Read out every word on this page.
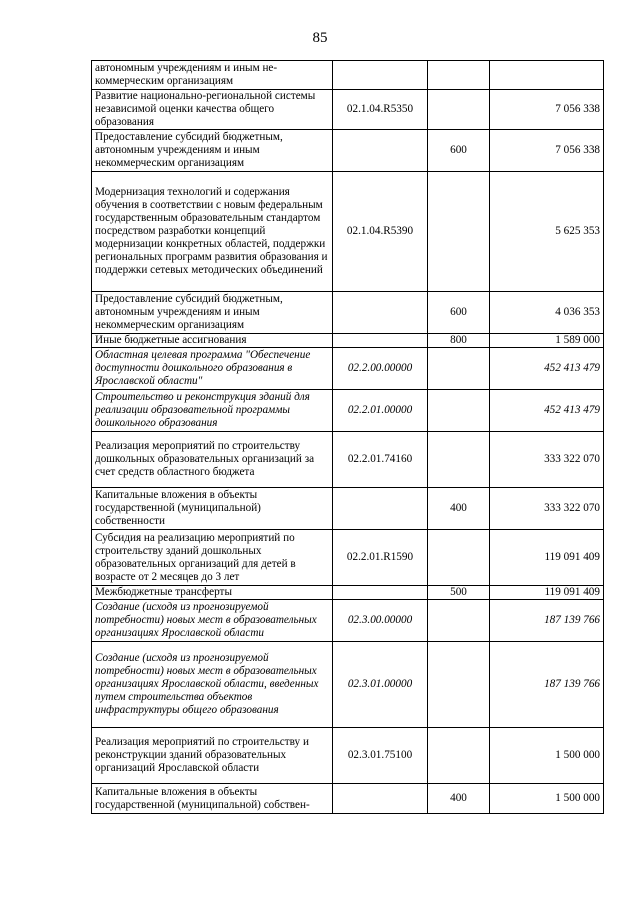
85
автономным учреждениям и иным не-коммерческим организациям			
Развитие национально-региональной системы независимой оценки качества общего образования	02.1.04.R5350		7 056 338
Предоставление субсидий бюджетным, автономным учреждениям и иным некоммерческим организациям		600	7 056 338
Модернизация технологий и содержания обучения в соответствии с новым федеральным государственным образовательным стандартом посредством разработки концепций модернизации конкретных областей, поддержки региональных программ развития образования и поддержки сетевых методических объединений	02.1.04.R5390		5 625 353
Предоставление субсидий бюджетным, автономным учреждениям и иным некоммерческим организациям		600	4 036 353
Иные бюджетные ассигнования		800	1 589 000
Областная целевая программа "Обеспечение доступности дошкольного образования в Ярославской области"	02.2.00.00000		452 413 479
Строительство и реконструкция зданий для реализации образовательной программы дошкольного образования	02.2.01.00000		452 413 479
Реализация мероприятий по строительству дошкольных образовательных организаций за счет средств областного бюджета	02.2.01.74160		333 322 070
Капитальные вложения в объекты государственной (муниципальной) собственности		400	333 322 070
Субсидия на реализацию мероприятий по строительству зданий дошкольных образовательных организаций для детей в возрасте от 2 месяцев до 3 лет	02.2.01.R1590		119 091 409
Межбюджетные трансферты		500	119 091 409
Создание (исходя из прогнозируемой потребности) новых мест в образовательных организациях Ярославской области	02.3.00.00000		187 139 766
Создание (исходя из прогнозируемой потребности) новых мест в образовательных организациях Ярославской области, введенных путем строительства объектов инфраструктуры общего образования	02.3.01.00000		187 139 766
Реализация мероприятий по строительству и реконструкции зданий образовательных организаций Ярославской области	02.3.01.75100		1 500 000
Капитальные вложения в объекты государственной (муниципальной) собствен-		400	1 500 000
